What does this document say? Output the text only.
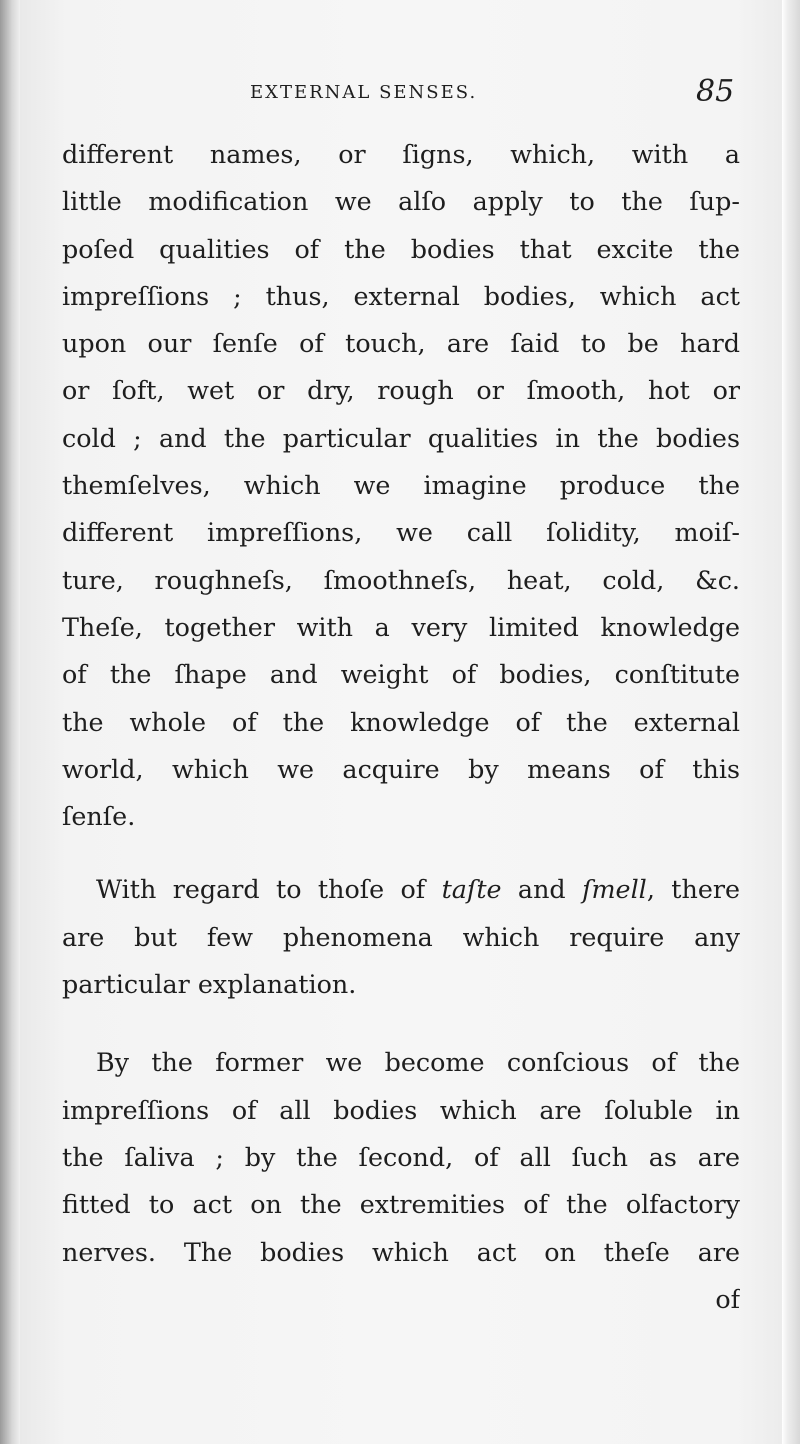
EXTERNAL SENSES.	85
different names, or ſigns, which, with a
little modification we alſo apply to the ſup-
poſed qualities of the bodies that excite the
impreſſions ; thus, external bodies, which act
upon our ſenſe of touch, are ſaid to be hard
or ſoft, wet or dry, rough or ſmooth, hot or
cold ; and the particular qualities in the bodies
themſelves, which we imagine produce the
different impreſſions, we call ſolidity, moiſ-
ture, roughneſs, ſmoothneſs, heat, cold, &c.
Theſe, together with a very limited knowledge
of the ſhape and weight of bodies, conſtitute
the whole of the knowledge of the external
world, which we acquire by means of this
ſenſe.
With regard to thoſe of taſte and ſmell, there
are but few phenomena which require any
particular explanation.
By the former we become conſcious of the
impreſſions of all bodies which are ſoluble in
the ſaliva ; by the ſecond, of all ſuch as are
fitted to act on the extremities of the olfactory
nerves. The bodies which act on theſe are
of
